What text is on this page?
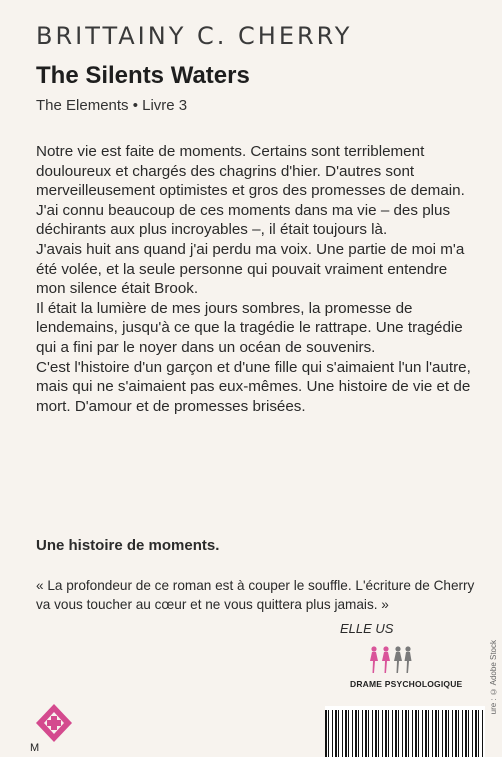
BRITTAINY C. CHERRY
The Silents Waters
The Elements • Livre 3

Notre vie est faite de moments. Certains sont terriblement douloureux et chargés des chagrins d'hier. D'autres sont merveilleusement optimistes et gros des promesses de demain. J'ai connu beaucoup de ces moments dans ma vie – des plus déchirants aux plus incroyables –, il était toujours là.

J'avais huit ans quand j'ai perdu ma voix. Une partie de moi m'a été volée, et la seule personne qui pouvait vraiment entendre mon silence était Brook.

Il était la lumière de mes jours sombres, la promesse de lendemains, jusqu'à ce que la tragédie le rattrape. Une tragédie qui a fini par le noyer dans un océan de souvenirs.

C'est l'histoire d'un garçon et d'une fille qui s'aimaient l'un l'autre, mais qui ne s'aimaient pas eux-mêmes. Une histoire de vie et de mort. D'amour et de promesses brisées.

Une histoire de moments.

« La profondeur de ce roman est à couper le souffle. L'écriture de Cherry va vous toucher au cœur et ne vous quittera plus jamais. »

ELLE US
DRAME PSYCHOLOGIQUE
M
ure : © Adobe Stock
